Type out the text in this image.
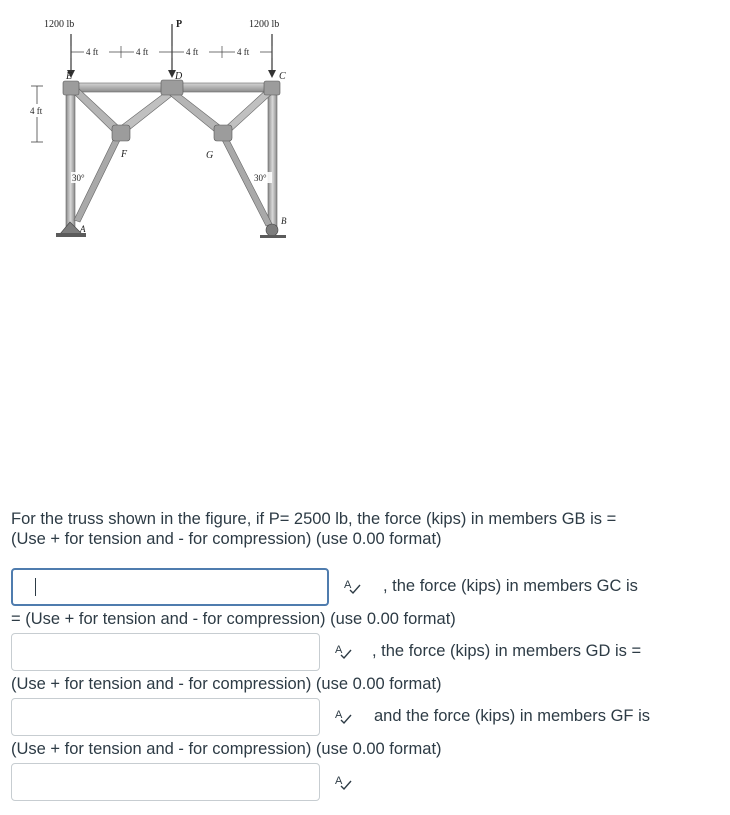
1200 lb	1200 lb
P
4 ft	4 ft	4 ft	4 ft
4 ft
30°	30°
E	D	C
F	G
A
B
For the truss shown in the figure, if P= 2500 lb, the force (kips) in members GB is =
(Use + for tension and - for compression) (use 0.00 format)
A , the force (kips) in members GC is
= (Use + for tension and - for compression) (use 0.00 format)
A , the force (kips) in members GD is =
(Use + for tension and - for compression) (use 0.00 format)
A and the force (kips) in members GF is
(Use + for tension and - for compression) (use 0.00 format)
A
